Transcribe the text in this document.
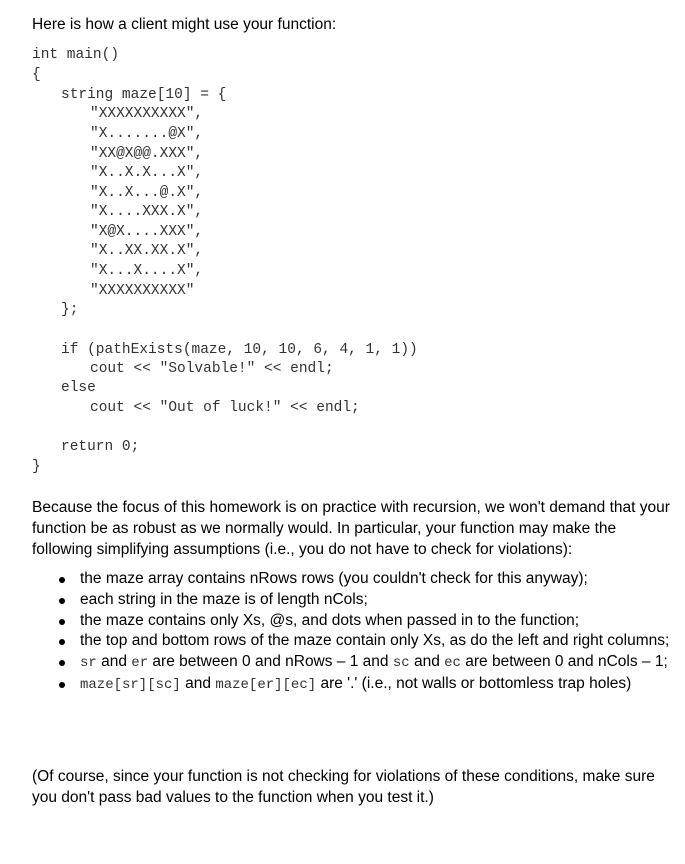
Here is how a client might use your function:
int main()
{
string maze[10] = {
"XXXXXXXXXX",
"X.......@X",
"XX@X@@.XXX",
"X..X.X...X",
"X..X...@.X",
"X....XXX.X",
"X@X....XXX",
"X..XX.XX.X",
"X...X....X",
"XXXXXXXXXX"
};
if (pathExists(maze, 10, 10, 6, 4, 1, 1))
cout << "Solvable!" << endl;
else
cout << "Out of luck!" << endl;
return 0;
}
Because the focus of this homework is on practice with recursion, we won't demand that your function be as robust as we normally would. In particular, your function may make the following simplifying assumptions (i.e., you do not have to check for violations):
the maze array contains nRows rows (you couldn't check for this anyway);
each string in the maze is of length nCols;
the maze contains only Xs, @s, and dots when passed in to the function;
the top and bottom rows of the maze contain only Xs, as do the left and right columns;
sr and er are between 0 and nRows – 1 and sc and ec are between 0 and nCols – 1;
maze[sr][sc] and maze[er][ec] are '.' (i.e., not walls or bottomless trap holes)
(Of course, since your function is not checking for violations of these conditions, make sure you don't pass bad values to the function when you test it.)
